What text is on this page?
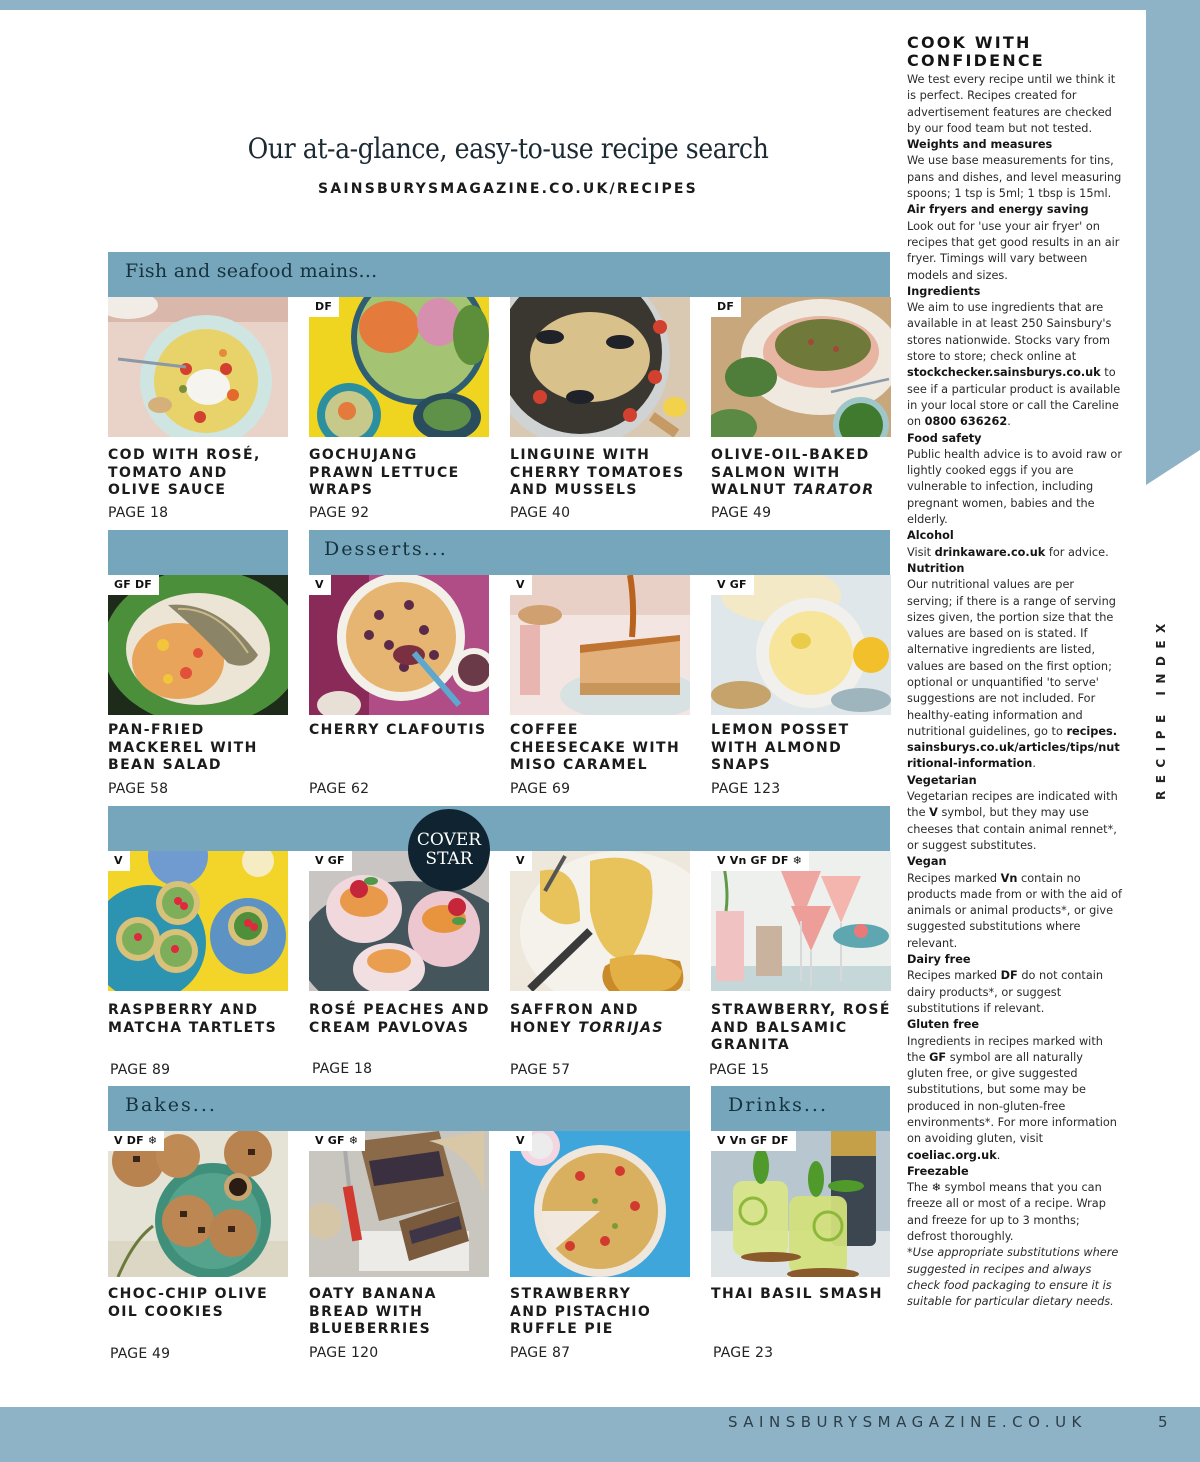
Our at-a-glance, easy-to-use recipe search
SAINSBURYSMAGAZINE.CO.UK/RECIPES
Fish and seafood mains...
Desserts...
Bakes...	Drinks...
COVER
STAR
COD WITH ROSÉ,
TOMATO AND
OLIVE SAUCE
PAGE 18
DF
GOCHUJANG
PRAWN LETTUCE
WRAPS
PAGE 92
LINGUINE WITH
CHERRY TOMATOES
AND MUSSELS
PAGE 40
DF
OLIVE-OIL-BAKED
SALMON WITH
WALNUT TARATOR
PAGE 49
GF DF
PAN-FRIED
MACKEREL WITH
BEAN SALAD
PAGE 58
V
CHERRY CLAFOUTIS
PAGE 62
V
COFFEE
CHEESECAKE WITH
MISO CARAMEL
PAGE 69
V GF
LEMON POSSET
WITH ALMOND
SNAPS
PAGE 123
V
RASPBERRY AND
MATCHA TARTLETS
PAGE 89
V GF
ROSÉ PEACHES AND
CREAM PAVLOVAS
PAGE 18
V
SAFFRON AND
HONEY TORRIJAS
PAGE 57
V Vn GF DF ❄
STRAWBERRY, ROSÉ
AND BALSAMIC
GRANITA
PAGE 15
V DF ❄
CHOC-CHIP OLIVE
OIL COOKIES
PAGE 49
V GF ❄
OATY BANANA
BREAD WITH
BLUEBERRIES
PAGE 120
V
STRAWBERRY
AND PISTACHIO
RUFFLE PIE
PAGE 87
V Vn GF DF
THAI BASIL SMASH
PAGE 23
COOK WITH
CONFIDENCE

We test every recipe until we think it is perfect. Recipes created for advertisement features are checked by our food team but not tested.

Weights and measures

We use base measurements for tins, pans and dishes, and level measuring spoons; 1 tsp is 5ml; 1 tbsp is 15ml.

Air fryers and energy saving

Look out for 'use your air fryer' on recipes that get good results in an air fryer. Timings will vary between models and sizes.

Ingredients

We aim to use ingredients that are available in at least 250 Sainsbury's stores nationwide. Stocks vary from store to store; check online at stockchecker.sainsburys.co.uk to see if a particular product is available in your local store or call the Careline on 0800 636262.

Food safety

Public health advice is to avoid raw or lightly cooked eggs if you are vulnerable to infection, including pregnant women, babies and the elderly.

Alcohol

Visit drinkaware.co.uk for advice.

Nutrition

Our nutritional values are per serving; if there is a range of serving sizes given, the portion size that the values are based on is stated. If alternative ingredients are listed, values are based on the first option; optional or unquantified 'to serve' suggestions are not included. For healthy-eating information and nutritional guidelines, go to recipes.sainsburys.co.uk/articles/tips/nutritional-information.

Vegetarian

Vegetarian recipes are indicated with the V symbol, but they may use cheeses that contain animal rennet*, or suggest substitutes.

Vegan

Recipes marked Vn contain no products made from or with the aid of animals or animal products*, or give suggested substitutions where relevant.

Dairy free

Recipes marked DF do not contain dairy products*, or suggest substitutions if relevant.

Gluten free

Ingredients in recipes marked with the GF symbol are all naturally gluten free, or give suggested substitutions, but some may be produced in non-gluten-free environments*. For more information on avoiding gluten, visit coeliac.org.uk.

Freezable

The ❄ symbol means that you can freeze all or most of a recipe. Wrap and freeze for up to 3 months; defrost thoroughly.

*Use appropriate substitutions where suggested in recipes and always check food packaging to ensure it is suitable for particular dietary needs.

RECIPE INDEX
SAINSBURYSMAGAZINE.CO.UK	5
